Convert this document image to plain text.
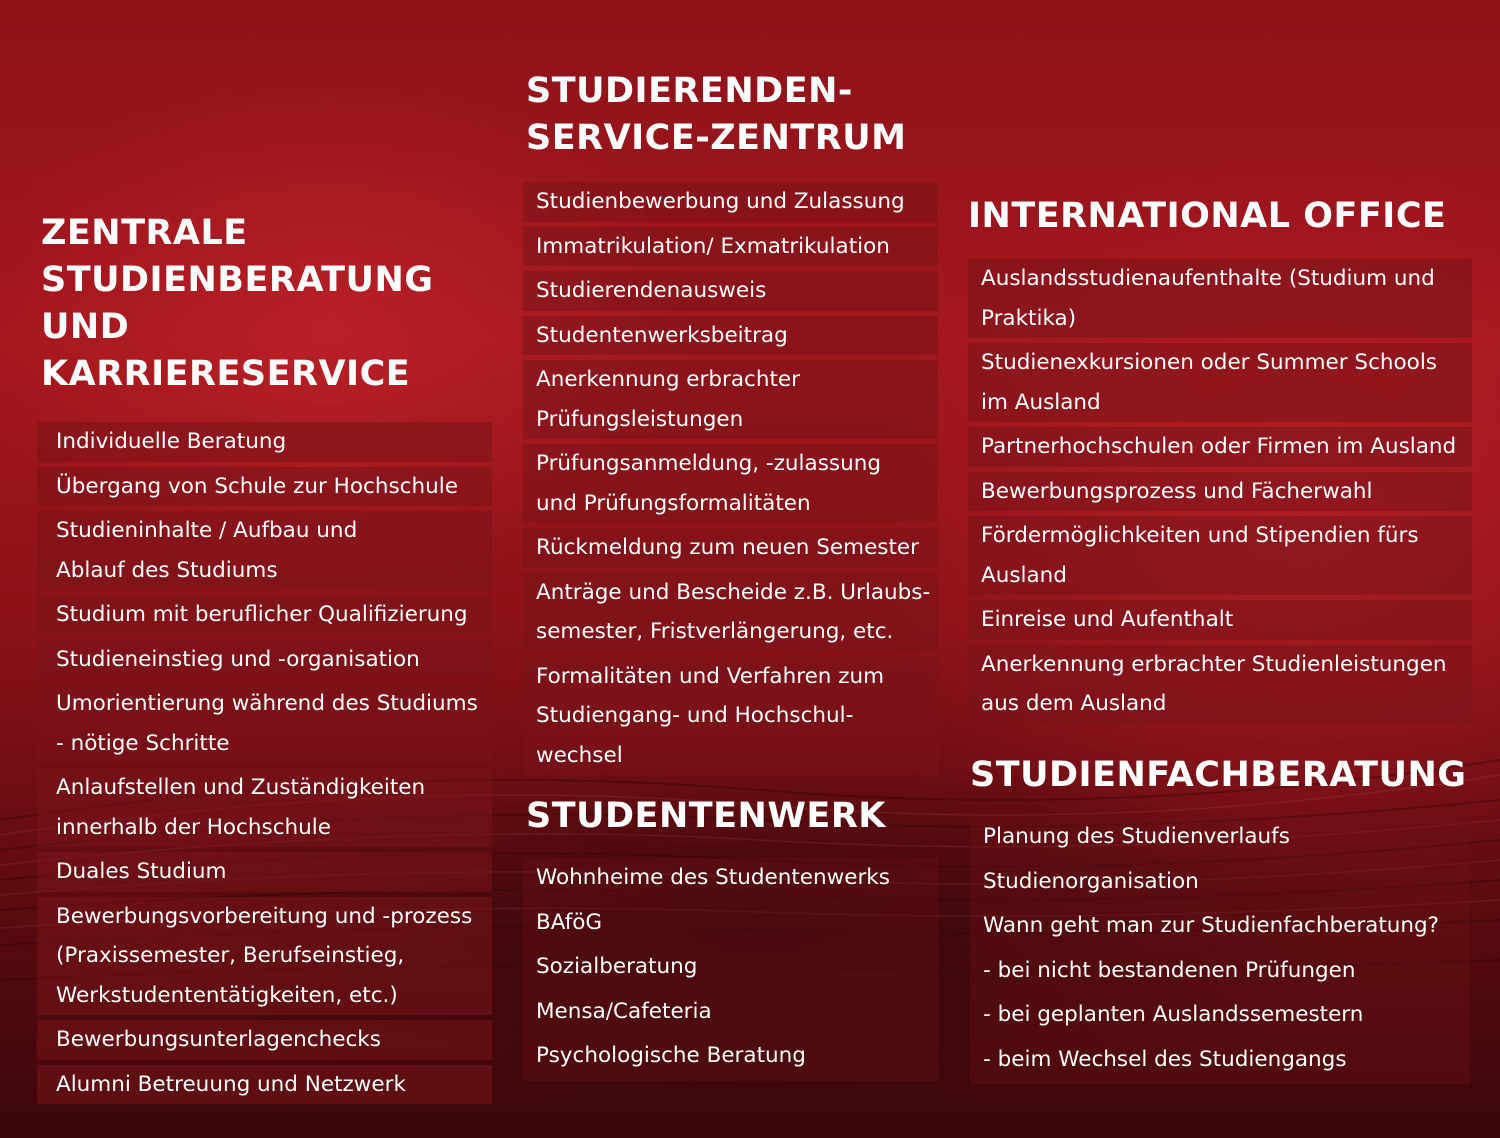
ZENTRALE
STUDIENBERATUNG
UND
KARRIERESERVICE
Individuelle Beratung
Übergang von Schule zur Hochschule
Studieninhalte / Aufbau und
Ablauf des Studiums
Studium mit beruflicher Qualifizierung
Studieneinstieg und -organisation
Umorientierung während des Studiums
- nötige Schritte
Anlaufstellen und Zuständigkeiten
innerhalb der Hochschule
Duales Studium
Bewerbungsvorbereitung und -prozess
(Praxissemester, Berufseinstieg,
Werkstudententätigkeiten, etc.)
Bewerbungsunterlagenchecks
Alumni Betreuung und Netzwerk
STUDIERENDEN-
SERVICE-ZENTRUM
Studienbewerbung und Zulassung
Immatrikulation/ Exmatrikulation
Studierendenausweis
Studentenwerksbeitrag
Anerkennung erbrachter
Prüfungsleistungen
Prüfungsanmeldung, -zulassung
und Prüfungsformalitäten
Rückmeldung zum neuen Semester
Anträge und Bescheide z.B. Urlaubs-
semester, Fristverlängerung, etc.
Formalitäten und Verfahren zum
Studiengang- und Hochschul-
wechsel
INTERNATIONAL OFFICE
Auslandsstudienaufenthalte (Studium und
Praktika)
Studienexkursionen oder Summer Schools
im Ausland
Partnerhochschulen oder Firmen im Ausland
Bewerbungsprozess und Fächerwahl
Fördermöglichkeiten und Stipendien fürs
Ausland
Einreise und Aufenthalt
Anerkennung erbrachter Studienleistungen
aus dem Ausland
STUDENTENWERK
Wohnheime des Studentenwerks
BAföG
Sozialberatung
Mensa/Cafeteria
Psychologische Beratung
STUDIENFACHBERATUNG
Planung des Studienverlaufs
Studienorganisation
Wann geht man zur Studienfachberatung?
- bei nicht bestandenen Prüfungen
- bei geplanten Auslandssemestern
- beim Wechsel des Studiengangs
